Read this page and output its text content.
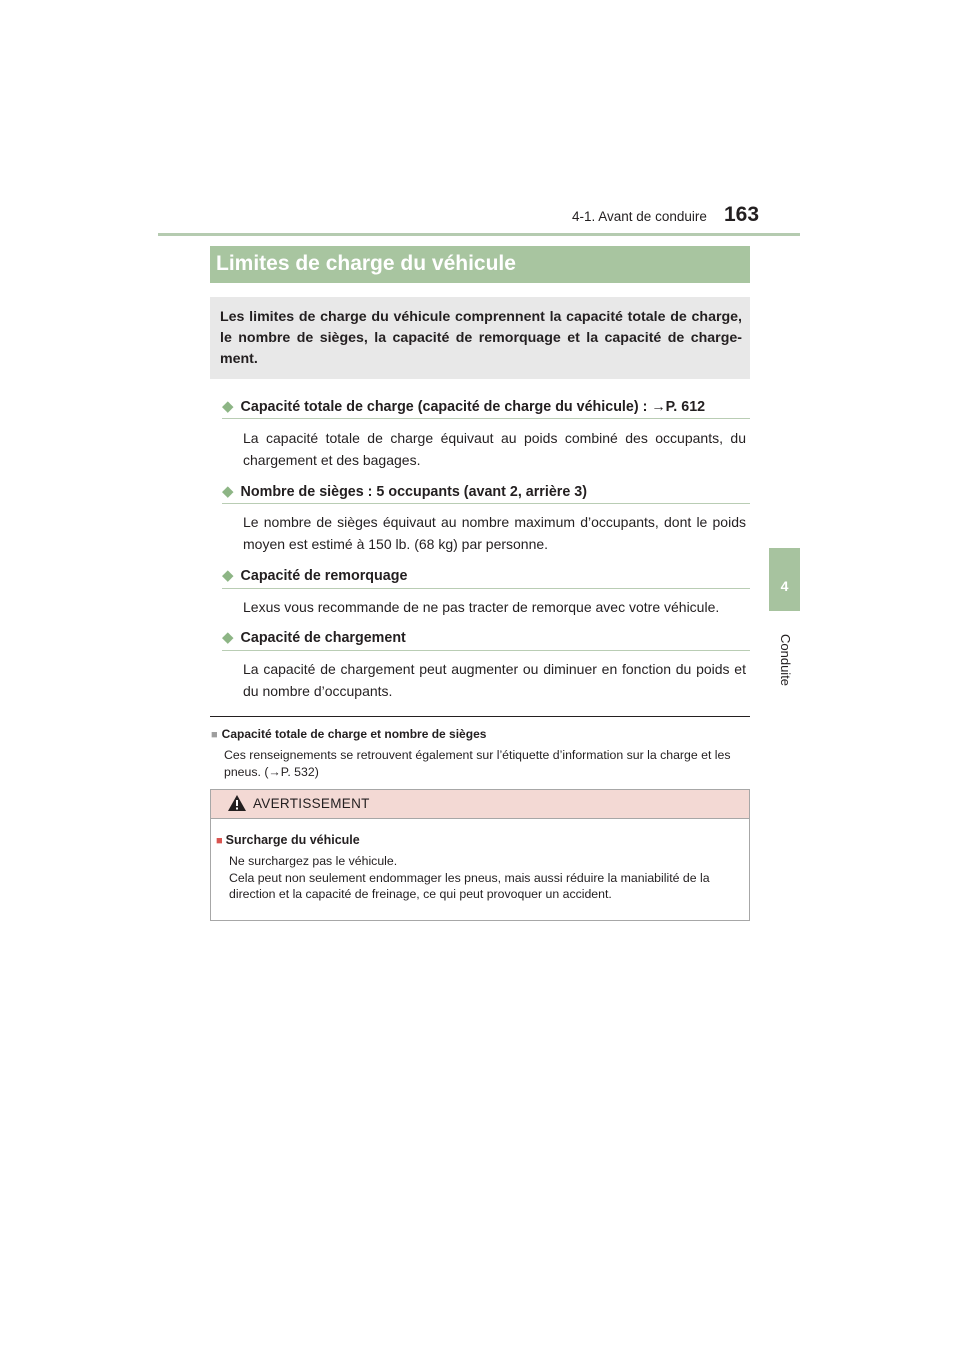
4-1. Avant de conduire 163
4
Conduite
Limites de charge du véhicule
Les limites de charge du véhicule comprennent la capacité totale de charge, le nombre de sièges, la capacité de remorquage et la capacité de charge-ment.
◆ Capacité totale de charge (capacité de charge du véhicule) : →P. 612
La capacité totale de charge équivaut au poids combiné des occupants, du chargement et des bagages.
◆ Nombre de sièges : 5 occupants (avant 2, arrière 3)
Le nombre de sièges équivaut au nombre maximum d’occupants, dont le poids moyen est estimé à 150 lb. (68 kg) par personne.
◆ Capacité de remorquage
Lexus vous recommande de ne pas tracter de remorque avec votre véhicule.
◆ Capacité de chargement
La capacité de chargement peut augmenter ou diminuer en fonction du poids et du nombre d’occupants.
■ Capacité totale de charge et nombre de sièges
Ces renseignements se retrouvent également sur l’étiquette d’information sur la charge et les pneus. (→P. 532)
AVERTISSEMENT
■ Surcharge du véhicule
Ne surchargez pas le véhicule.
Cela peut non seulement endommager les pneus, mais aussi réduire la maniabilité de la direction et la capacité de freinage, ce qui peut provoquer un accident.
